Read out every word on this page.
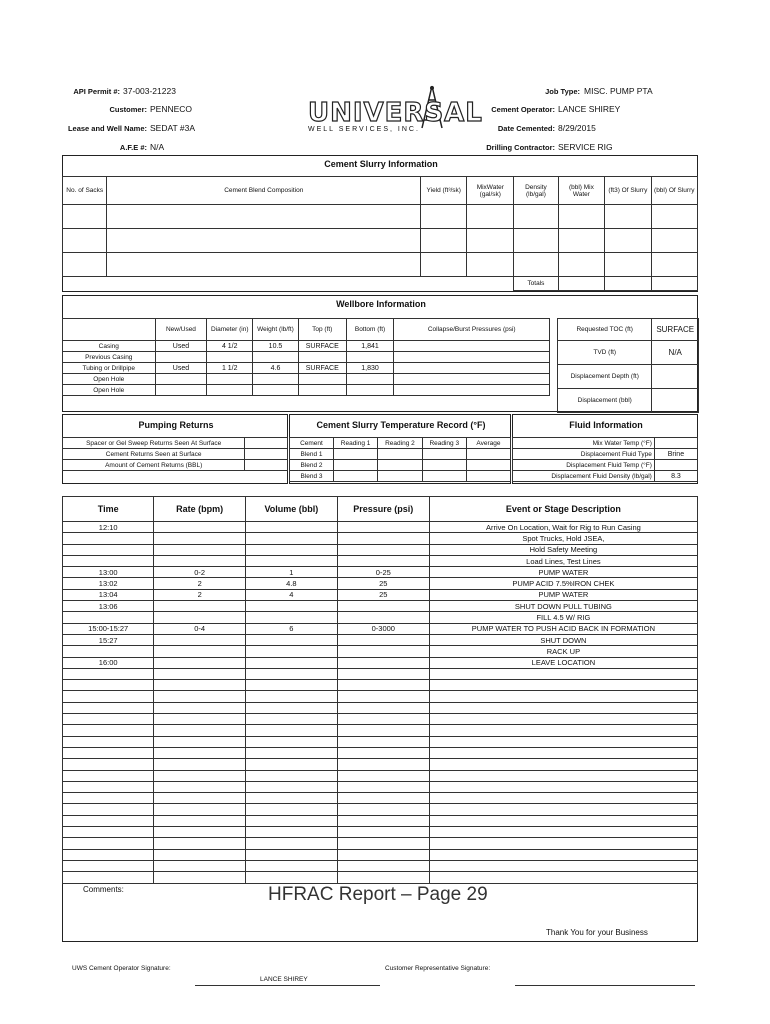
API Permit #: 37-003-21223
Customer: PENNECO
Lease and Well Name: SEDAT #3A
A.F.E #: N/A
UNIVERSAL
WELL SERVICES, INC.
Job Type: MISC. PUMP PTA
Cement Operator: LANCE SHIREY
Date Cemented: 8/29/2015
Drilling Contractor: SERVICE RIG
Cement Slurry Information
No. of Sacks	Cement Blend Composition	Yield (ft³/sk)	MixWater (gal/sk)	Density (lb/gal)	(bbl) Mix Water	(ft3) Of Slurry	(bbl) Of Slurry

				Totals			
Wellbore Information
	New/Used	Diameter (in)	Weight (lb/ft)	Top (ft)	Bottom (ft)	Collapse/Burst Pressures (psi)
Casing	Used	4 1/2	10.5	SURFACE	1,841	
Previous Casing						
Tubing or Drillpipe	Used	1 1/2	4.6	SURFACE	1,830	
Open Hole						
Open Hole						
Requested TOC (ft)	SURFACE
TVD (ft)	N/A
Displacement Depth (ft)	
Displacement (bbl)	
Pumping Returns
Spacer or Gel Sweep Returns Seen At Surface	
Cement Returns Seen at Surface	
Amount of Cement Returns (BBL)	
Cement Slurry Temperature Record (°F)
Cement	Reading 1	Reading 2	Reading 3	Average
Blend 1				
Blend 2				
Blend 3				
Fluid Information
Mix Water Temp (°F)	
Displacement Fluid Type	Brine
Displacement Fluid Temp (°F)	
Displacement Fluid Density (lb/gal)	8.3
Time	Rate (bpm)	Volume (bbl)	Pressure (psi)	Event or Stage Description
12:10				Arrive On Location, Wait for Rig to Run Casing
				Spot Trucks, Hold JSEA,
				Hold Safety Meeting
				Load Lines, Test Lines
13:00	0-2	1	0-25	PUMP WATER
13:02	2	4.8	25	PUMP ACID 7.5%IRON CHEK
13:04	2	4	25	PUMP WATER
13:06				SHUT DOWN PULL TUBING
				FILL 4.5 W/ RIG
15:00-15:27	0-4	6	0-3000	PUMP WATER TO PUSH ACID BACK IN FORMATION
15:27				SHUT DOWN
				RACK UP
16:00				LEAVE LOCATION

Comments:	HFRAC Report – Page 29
Thank You for your Business
UWS Cement Operator Signature:
LANCE SHIREY
Customer Representative Signature:
